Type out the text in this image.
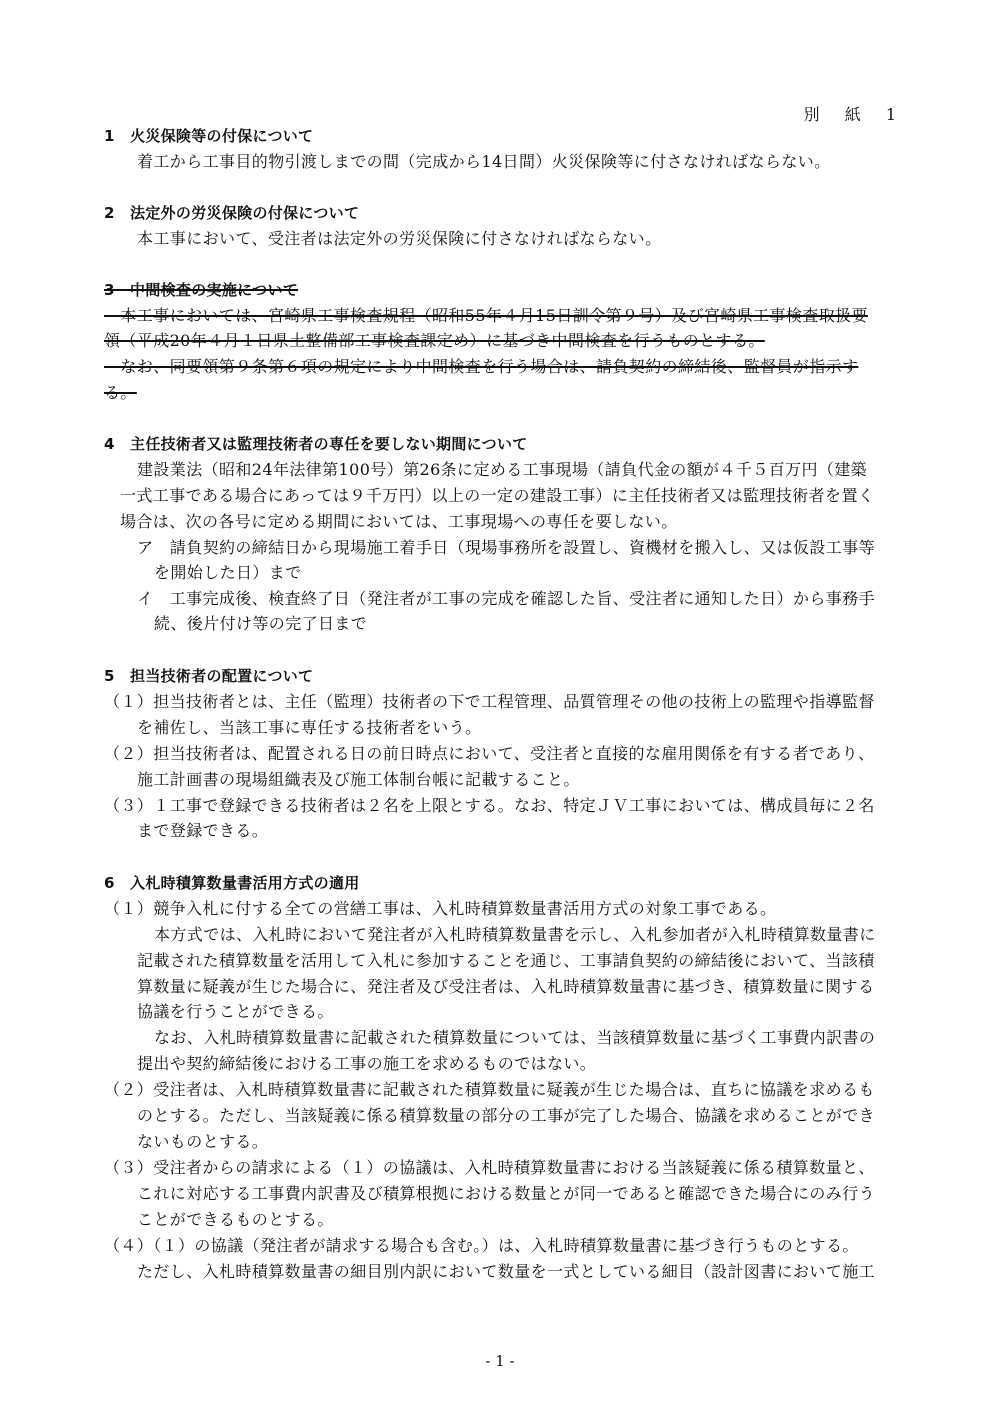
別 紙 1
1　火災保険等の付保について
着工から工事目的物引渡しまでの間（完成から14日間）火災保険等に付さなければならない。
2　法定外の労災保険の付保について
本工事において、受注者は法定外の労災保険に付さなければならない。
3　中間検査の実施について
　本工事においては、宮崎県工事検査規程（昭和55年４月15日訓令第９号）及び宮崎県工事検査取扱要
領（平成20年４月１日県土整備部工事検査課定め）に基づき中間検査を行うものとする。
　なお、同要領第９条第６項の規定により中間検査を行う場合は、請負契約の締結後、監督員が指示す
る。
4　主任技術者又は監理技術者の専任を要しない期間について
建設業法（昭和24年法律第100号）第26条に定める工事現場（請負代金の額が４千５百万円（建築
一式工事である場合にあっては９千万円）以上の一定の建設工事）に主任技術者又は監理技術者を置く
場合は、次の各号に定める期間においては、工事現場への専任を要しない。
ア　請負契約の締結日から現場施工着手日（現場事務所を設置し、資機材を搬入し、又は仮設工事等
を開始した日）まで
イ　工事完成後、検査終了日（発注者が工事の完成を確認した旨、受注者に通知した日）から事務手
続、後片付け等の完了日まで
5　担当技術者の配置について
（１）担当技術者とは、主任（監理）技術者の下で工程管理、品質管理その他の技術上の監理や指導監督
を補佐し、当該工事に専任する技術者をいう。
（２）担当技術者は、配置される日の前日時点において、受注者と直接的な雇用関係を有する者であり、
施工計画書の現場組織表及び施工体制台帳に記載すること。
（３）１工事で登録できる技術者は２名を上限とする。なお、特定ＪＶ工事においては、構成員毎に２名
まで登録できる。
6　入札時積算数量書活用方式の適用
（１）競争入札に付する全ての営繕工事は、入札時積算数量書活用方式の対象工事である。
本方式では、入札時において発注者が入札時積算数量書を示し、入札参加者が入札時積算数量書に
記載された積算数量を活用して入札に参加することを通じ、工事請負契約の締結後において、当該積
算数量に疑義が生じた場合に、発注者及び受注者は、入札時積算数量書に基づき、積算数量に関する
協議を行うことができる。
なお、入札時積算数量書に記載された積算数量については、当該積算数量に基づく工事費内訳書の
提出や契約締結後における工事の施工を求めるものではない。
（２）受注者は、入札時積算数量書に記載された積算数量に疑義が生じた場合は、直ちに協議を求めるも
のとする。ただし、当該疑義に係る積算数量の部分の工事が完了した場合、協議を求めることができ
ないものとする。
（３）受注者からの請求による（１）の協議は、入札時積算数量書における当該疑義に係る積算数量と、
これに対応する工事費内訳書及び積算根拠における数量とが同一であると確認できた場合にのみ行う
ことができるものとする。
（４）（１）の協議（発注者が請求する場合も含む。）は、入札時積算数量書に基づき行うものとする。
ただし、入札時積算数量書の細目別内訳において数量を一式としている細目（設計図書において施工
- 1 -
